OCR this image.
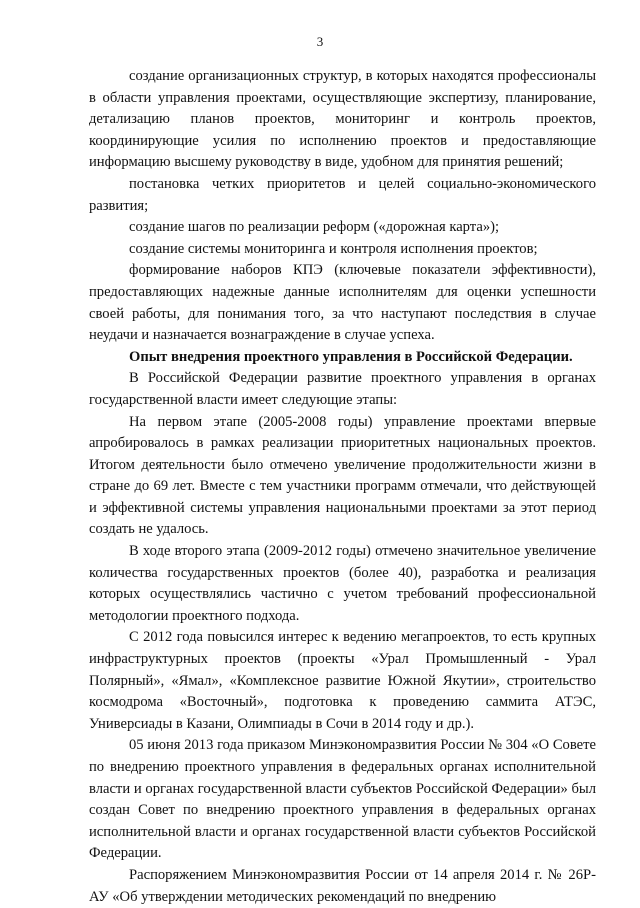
3

создание организационных структур, в которых находятся профессионалы в области управления проектами, осуществляющие экспертизу, планирование, детализацию планов проектов, мониторинг и контроль проектов, координирующие усилия по исполнению проектов и предоставляющие информацию высшему руководству в виде, удобном для принятия решений;

постановка четких приоритетов и целей социально-экономического развития;

создание шагов по реализации реформ («дорожная карта»);

создание системы мониторинга и контроля исполнения проектов;

формирование наборов КПЭ (ключевые показатели эффективности), предоставляющих надежные данные исполнителям для оценки успешности своей работы, для понимания того, за что наступают последствия в случае неудачи и назначается вознаграждение в случае успеха.

Опыт внедрения проектного управления в Российской Федерации.

В Российской Федерации развитие проектного управления в органах государственной власти имеет следующие этапы:

На первом этапе (2005-2008 годы) управление проектами впервые апробировалось в рамках реализации приоритетных национальных проектов. Итогом деятельности было отмечено увеличение продолжительности жизни в стране до 69 лет. Вместе с тем участники программ отмечали, что действующей и эффективной системы управления национальными проектами за этот период создать не удалось.

В ходе второго этапа (2009-2012 годы) отмечено значительное увеличение количества государственных проектов (более 40), разработка и реализация которых осуществлялись частично с учетом требований профессиональной методологии проектного подхода.

С 2012 года повысился интерес к ведению мегапроектов, то есть крупных инфраструктурных проектов (проекты «Урал Промышленный - Урал Полярный», «Ямал», «Комплексное развитие Южной Якутии», строительство космодрома «Восточный», подготовка к проведению саммита АТЭС, Универсиады в Казани, Олимпиады в Сочи в 2014 году и др.).

05 июня 2013 года приказом Минэкономразвития России № 304 «О Совете по внедрению проектного управления в федеральных органах исполнительной власти и органах государственной власти субъектов Российской Федерации» был создан Совет по внедрению проектного управления в федеральных органах исполнительной власти и органах государственной власти субъектов Российской Федерации.

Распоряжением Минэкономразвития России от 14 апреля 2014 г. № 26Р-АУ «Об утверждении методических рекомендаций по внедрению
